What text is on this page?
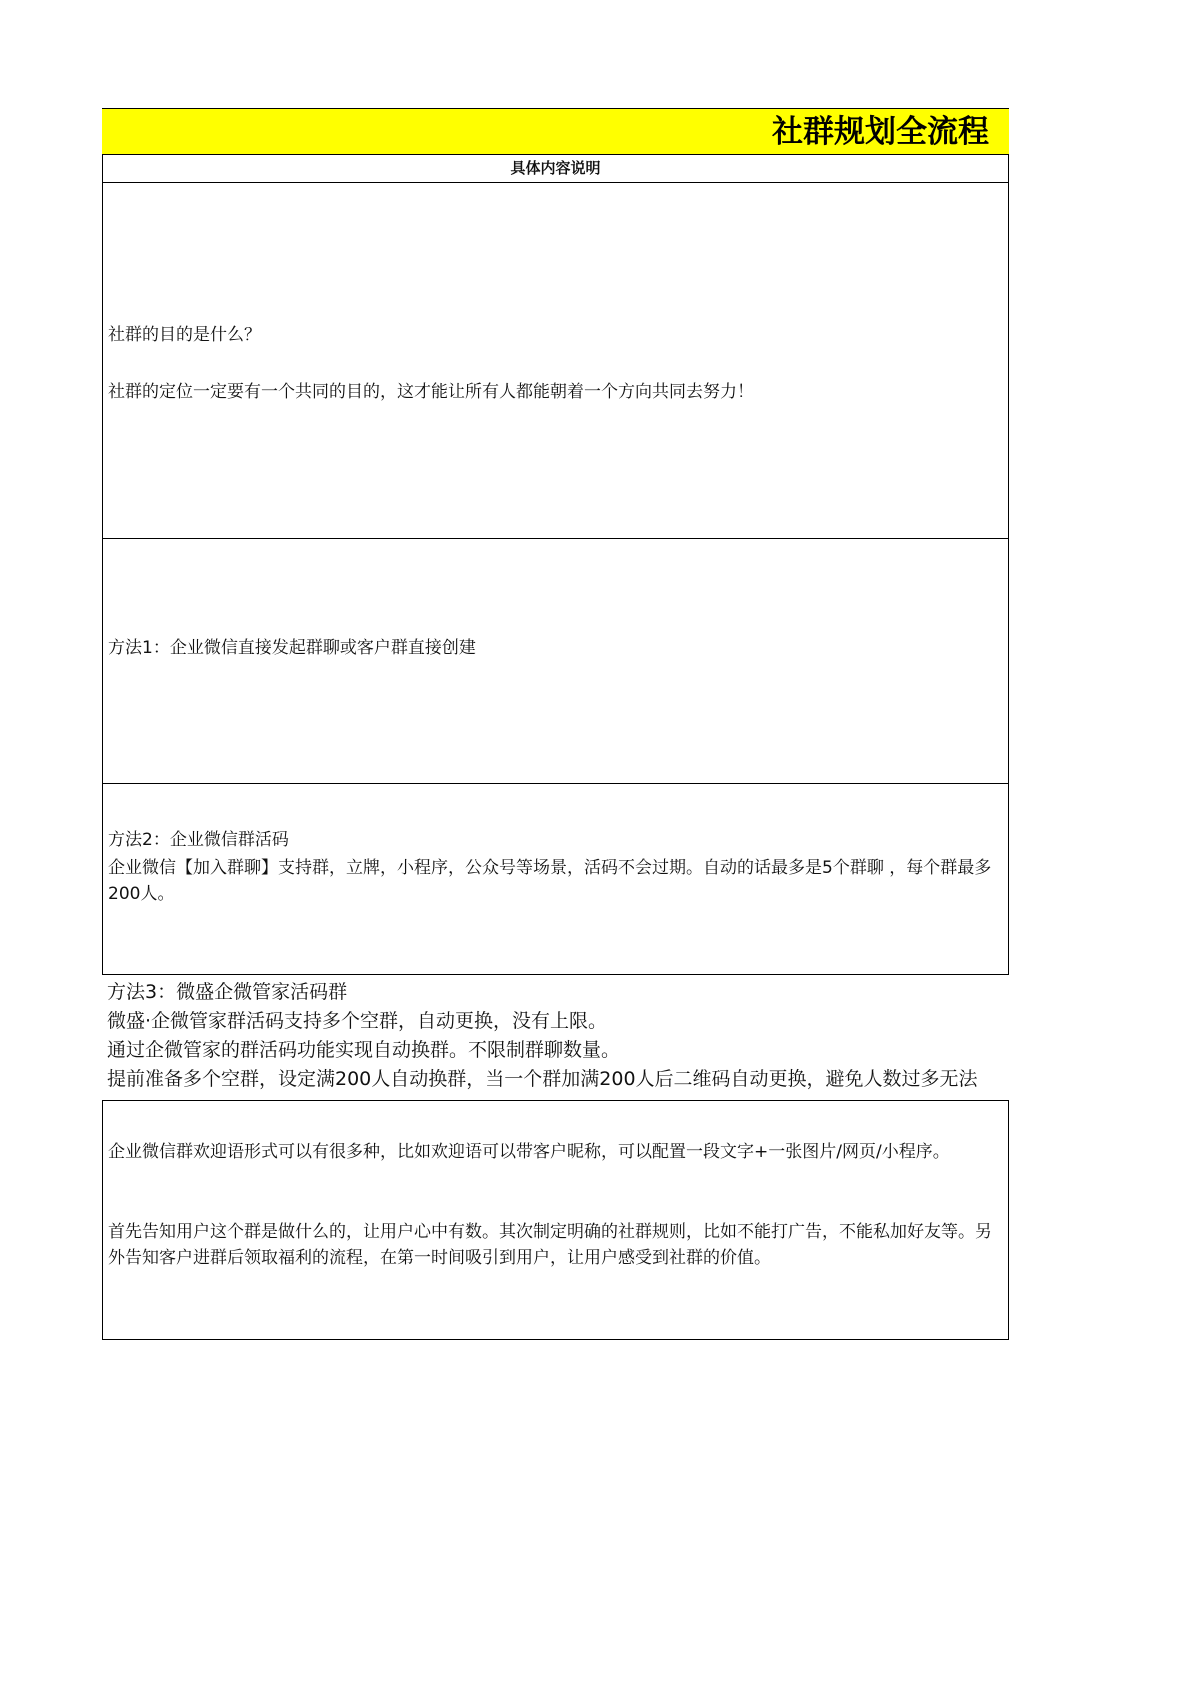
社群规划全流程
具体内容说明
社群的目的是什么？
社群的定位一定要有一个共同的目的，这才能让所有人都能朝着一个方向共同去努力！
方法1：企业微信直接发起群聊或客户群直接创建
方法2：企业微信群活码
企业微信【加入群聊】支持群，立牌，小程序，公众号等场景，活码不会过期。自动的话最多是5个群聊 ，每个群最多200人。
方法3：微盛企微管家活码群
微盛·企微管家群活码支持多个空群，自动更换，没有上限。
通过企微管家的群活码功能实现自动换群。不限制群聊数量。
提前准备多个空群，设定满200人自动换群，当一个群加满200人后二维码自动更换，避免人数过多无法
企业微信群欢迎语形式可以有很多种，比如欢迎语可以带客户昵称，可以配置一段文字+一张图片/网页/小程序。
首先告知用户这个群是做什么的，让用户心中有数。其次制定明确的社群规则，比如不能打广告，不能私加好友等。另外告知客户进群后领取福利的流程，在第一时间吸引到用户，让用户感受到社群的价值。
